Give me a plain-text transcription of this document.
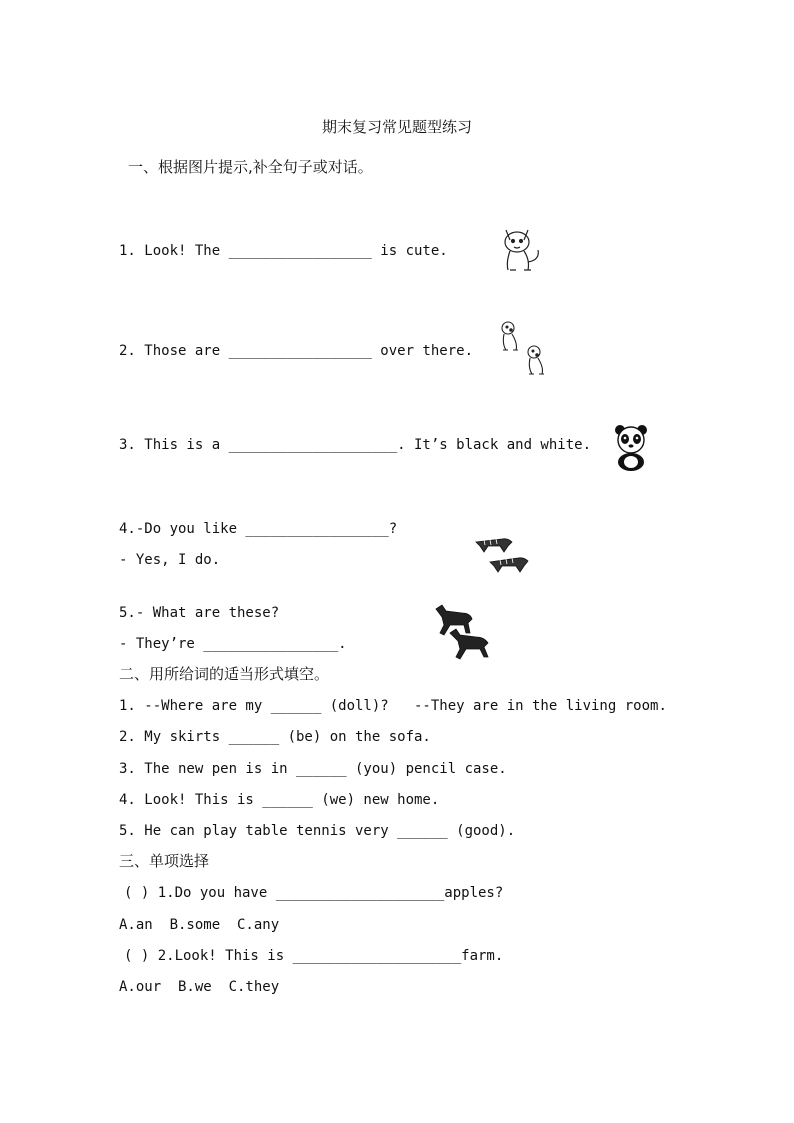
期末复习常见题型练习
一、根据图片提示,补全句子或对话。
1. Look! The _________________ is cute.
2. Those are _________________ over there.
3. This is a ____________________. It’s black and white.
4.-Do you like _________________?
- Yes, I do.
5.- What are these?
- They’re ________________.
二、用所给词的适当形式填空。
1. --Where are my ______ (doll)?   --They are in the living room.
2. My skirts ______ (be) on the sofa.
3. The new pen is in ______ (you) pencil case.
4. Look! This is ______ (we) new home.
5. He can play table tennis very ______ (good).
三、单项选择
( ) 1.Do you have ____________________apples?
A.an  B.some  C.any
( ) 2.Look! This is ____________________farm.
A.our  B.we  C.they
